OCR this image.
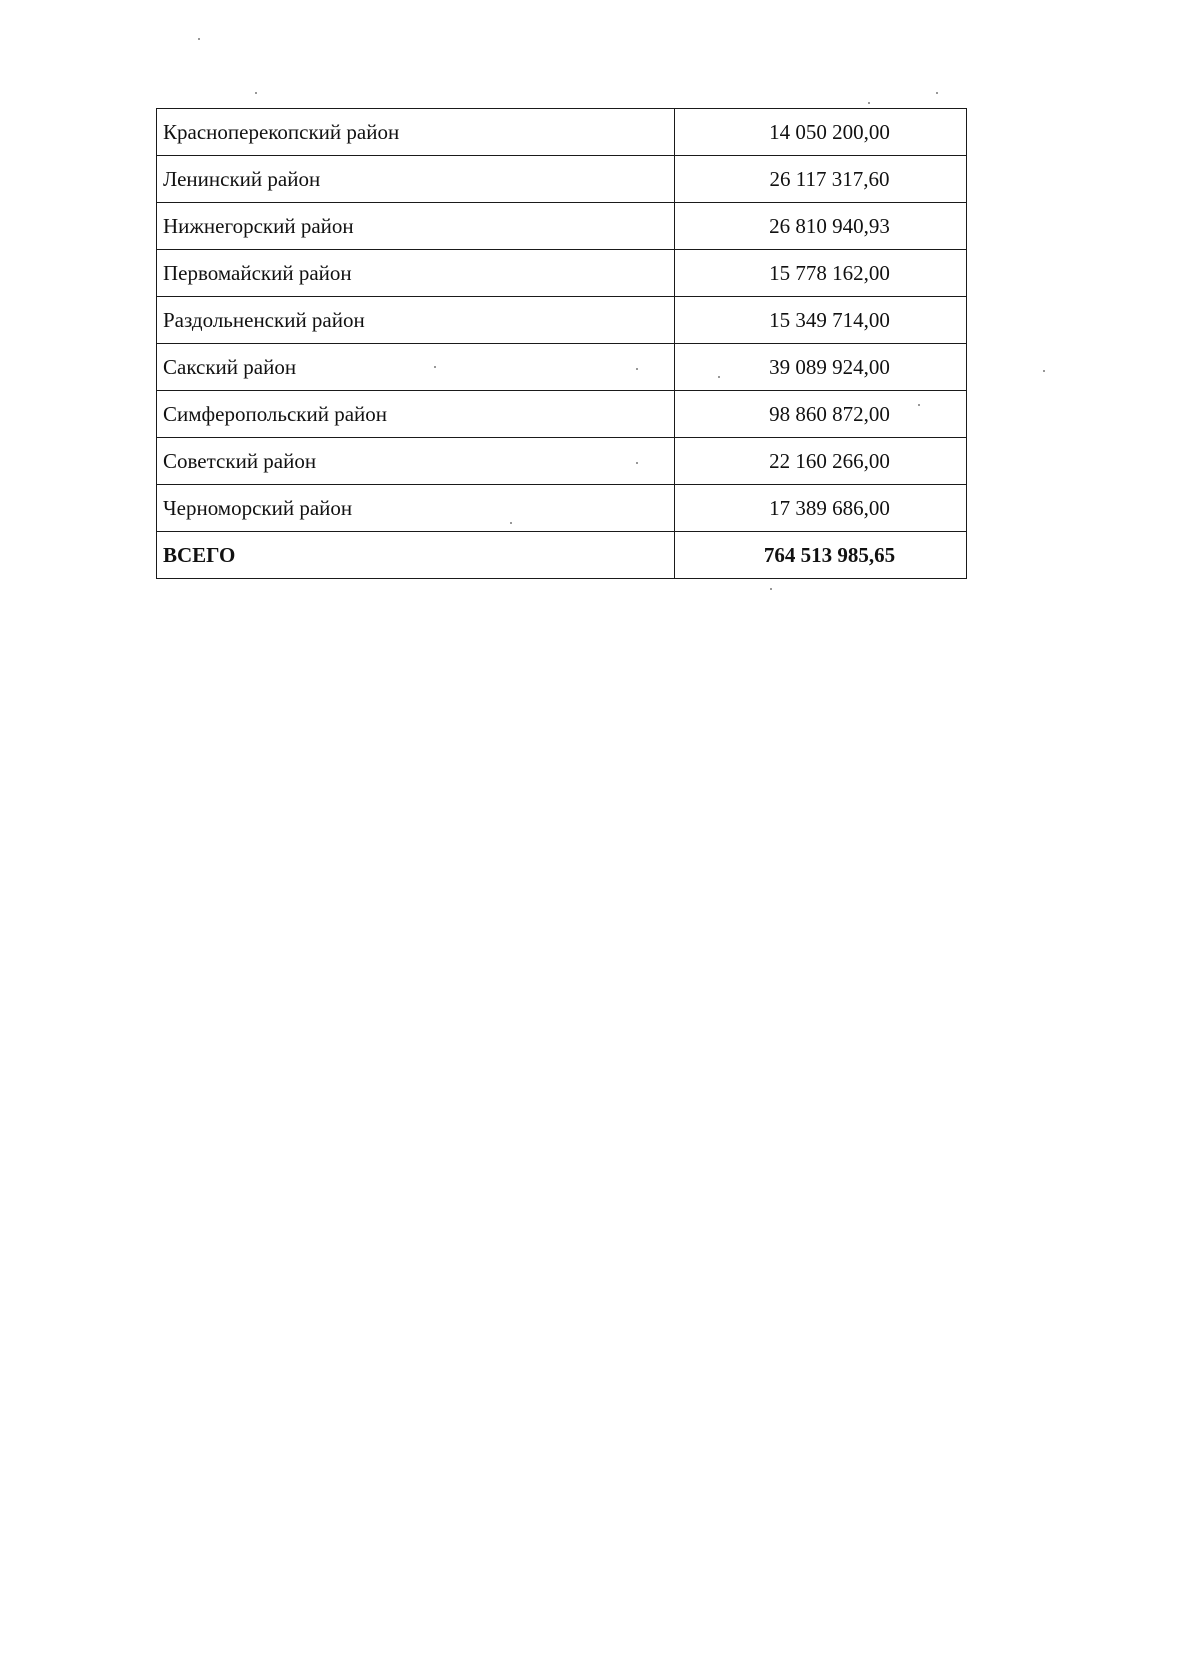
Красноперекопский район	14 050 200,00
Ленинский район	26 117 317,60
Нижнегорский район	26 810 940,93
Первомайский район	15 778 162,00
Раздольненский район	15 349 714,00
Сакский район	39 089 924,00
Симферопольский район	98 860 872,00
Советский район	22 160 266,00
Черноморский район	17 389 686,00
ВСЕГО	764 513 985,65
